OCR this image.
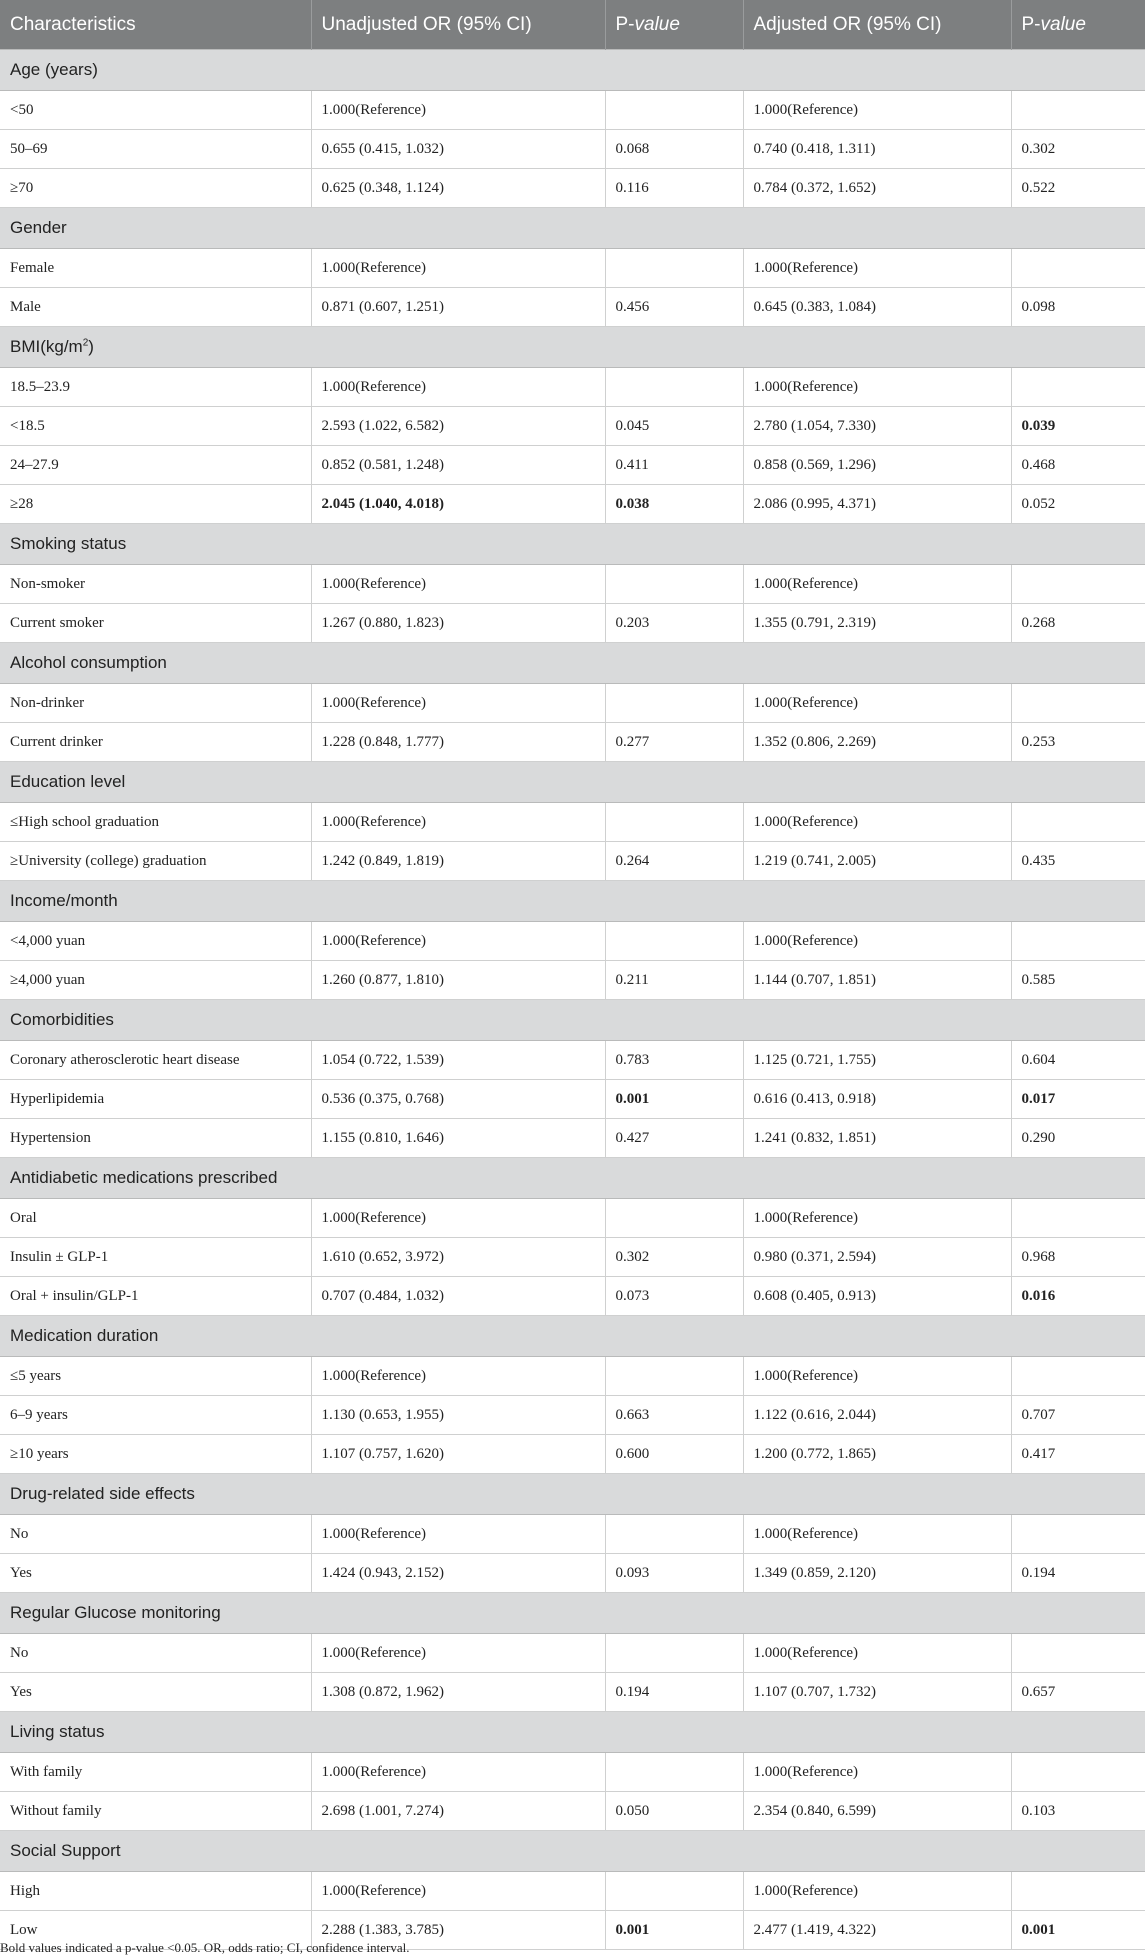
Characteristics	Unadjusted OR (95% CI)	P-value	Adjusted OR (95% CI)	P-value
Age (years)				
<50	1.000(Reference)		1.000(Reference)	
50–69	0.655 (0.415, 1.032)	0.068	0.740 (0.418, 1.311)	0.302
≥70	0.625 (0.348, 1.124)	0.116	0.784 (0.372, 1.652)	0.522
Gender				
Female	1.000(Reference)		1.000(Reference)	
Male	0.871 (0.607, 1.251)	0.456	0.645 (0.383, 1.084)	0.098
$BMI(kg/m^2)$				
18.5–23.9	1.000(Reference)		1.000(Reference)	
<18.5	2.593 (1.022, 6.582)	0.045	2.780 (1.054, 7.330)	0.039
24–27.9	0.852 (0.581, 1.248)	0.411	0.858 (0.569, 1.296)	0.468
≥28	2.045 (1.040, 4.018)	0.038	2.086 (0.995, 4.371)	0.052
Smoking status				
Non-smoker	1.000(Reference)		1.000(Reference)	
Current smoker	1.267 (0.880, 1.823)	0.203	1.355 (0.791, 2.319)	0.268
Alcohol consumption				
Non-drinker	1.000(Reference)		1.000(Reference)	
Current drinker	1.228 (0.848, 1.777)	0.277	1.352 (0.806, 2.269)	0.253
Education level				
≤High school graduation	1.000(Reference)		1.000(Reference)	
≥University (college) graduation	1.242 (0.849, 1.819)	0.264	1.219 (0.741, 2.005)	0.435
Income/month				
<4,000 yuan	1.000(Reference)		1.000(Reference)	
≥4,000 yuan	1.260 (0.877, 1.810)	0.211	1.144 (0.707, 1.851)	0.585
Comorbidities				
Coronary atherosclerotic heart disease	1.054 (0.722, 1.539)	0.783	1.125 (0.721, 1.755)	0.604
Hyperlipidemia	0.536 (0.375, 0.768)	0.001	0.616 (0.413, 0.918)	0.017
Hypertension	1.155 (0.810, 1.646)	0.427	1.241 (0.832, 1.851)	0.290
Antidiabetic medications prescribed				
Oral	1.000(Reference)		1.000(Reference)	
Insulin ± GLP-1	1.610 (0.652, 3.972)	0.302	0.980 (0.371, 2.594)	0.968
Oral + insulin/GLP-1	0.707 (0.484, 1.032)	0.073	0.608 (0.405, 0.913)	0.016
Medication duration				
≤5 years	1.000(Reference)		1.000(Reference)	
6–9 years	1.130 (0.653, 1.955)	0.663	1.122 (0.616, 2.044)	0.707
≥10 years	1.107 (0.757, 1.620)	0.600	1.200 (0.772, 1.865)	0.417
Drug-related side effects				
No	1.000(Reference)		1.000(Reference)	
Yes	1.424 (0.943, 2.152)	0.093	1.349 (0.859, 2.120)	0.194
Regular Glucose monitoring				
No	1.000(Reference)		1.000(Reference)	
Yes	1.308 (0.872, 1.962)	0.194	1.107 (0.707, 1.732)	0.657
Living status				
With family	1.000(Reference)		1.000(Reference)	
Without family	2.698 (1.001, 7.274)	0.050	2.354 (0.840, 6.599)	0.103
Social Support				
High	1.000(Reference)		1.000(Reference)	
Low	2.288 (1.383, 3.785)	0.001	2.477 (1.419, 4.322)	0.001
Bold values indicated a p-value <0.05. OR, odds ratio; CI, confidence interval.
